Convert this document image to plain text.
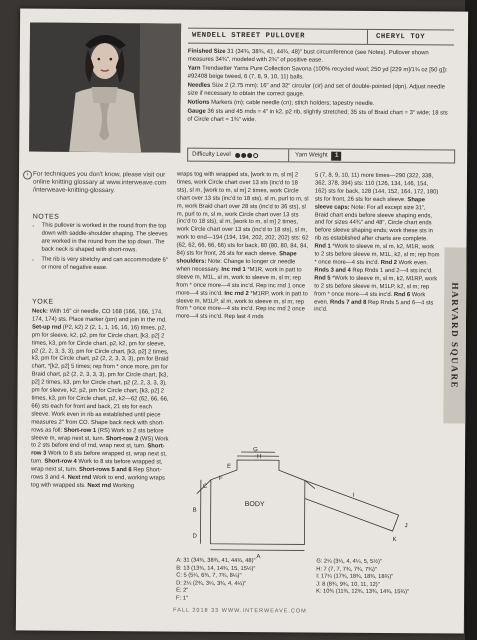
WENDELL STREET PULLOVER	CHERYL TOY

Finished Size 31 (34¾, 38¾, 41, 44¾, 48)" bust circumference (see Notes). Pullover shown measures 34¾", modeled with 2¾" of positive ease.

Yarn Trendsetter Yarns Pure Collection Savona (100% recycled wool; 250 yd [229 m]/1¾ oz [50 g]): #92408 beige tweed, 6 (7, 8, 9, 10, 11) balls.

Needles Size 2 (2.75 mm): 16" and 32" circular (cir) and set of double-pointed (dpn). Adjust needle size if necessary to obtain the correct gauge.

Notions Markers (m); cable needle (cn); stitch holders; tapestry needle.

Gauge 36 sts and 45 rnds = 4" in k2, p2 rib, slightly stretched; 35 sts of Braid chart = 3" wide; 18 sts of Circle chart = 1¾" wide.

Difficulty Level	Yarn Weight	1
i For techniques you don't know, please visit our online knitting glossary at www.interweave.com /interweave-knitting-glossary.
NOTES
• This pullover is worked in the round from the top down with saddle-shoulder shaping. The sleeves are worked in the round from the top down. The back neck is shaped with short-rows.
• The rib is very stretchy and can accommodate 6" or more of negative ease.
YOKE

Neck: With 16" cir needle, CO 168 (166, 166, 174, 174, 174) sts. Place marker (pm) and join in the rnd. Set-up rnd (P2, k2) 2 (2, 1, 1, 16, 16, 16) times, p2, pm for sleeve, k2, p2, pm for Circle chart, [k3, p2] 2 times, k3, pm for Circle chart, p2, k2, pm for sleeve, p2 (2, 2, 3, 3, 3), pm for Circle chart, [k3, p2] 2 times, k3, pm for Circle chart, p2 (2, 2, 3, 3, 3), pm for Braid chart, *[k2, p2] 5 times; rep from * once more, pm for Braid chart, p2 (2, 2, 3, 3, 3), pm for Circle chart, [k3, p2] 2 times, k3, pm for Circle chart, p2 (2, 2, 3, 3, 3), pm for sleeve, k2, p2, pm for Circle chart, [k3, p2] 2 times, k3, pm for Circle chart, p2, k2—62 (62, 66, 66, 66) sts each for front and back, 21 sts for each sleeve. Work even in rib as established until piece measures 2" from CO. Shape back neck with short-rows as foll: Short-row 1 (RS) Work to 2 sts before sleeve m, wrap next st, turn. Short-row 2 (WS) Work to 2 sts before end of rnd, wrap next st, turn. Short-row 3 Work to 8 sts before wrapped st, wrap next st, turn. Short-row 4 Work to 8 sts before wrapped st, wrap next st, turn. Short-rows 5 and 6 Rep Short-rows 3 and 4. Next rnd Work to end, working wraps tog with wrapped sts. Next rnd Working

wraps tog with wrapped sts, [work to m, sl m] 2 times, work Circle chart over 13 sts (inc'd to 18 sts), sl m, [work to m, sl m] 2 times, work Circle chart over 13 sts (inc'd to 18 sts), sl m, purl to m, sl m, work Braid chart over 28 sts (inc'd to 36 sts), sl m, purl to m, sl m, work Circle chart over 13 sts (inc'd to 18 sts), sl m, [work to m, sl m] 2 times, work Circle chart over 13 sts (inc'd to 18 sts), sl m, work to end—194 (194, 194, 202, 202, 202) sts: 62 (62, 62, 66, 66, 66) sts for back, 80 (80, 80, 84, 84, 84) sts for front, 26 sts for each sleeve. Shape shoulders: Note: Change to longer cir needle when necessary. Inc rnd 1 *M1R, work in patt to sleeve m, M1L, sl m, work to sleeve m, sl m; rep from * once more—4 sts inc'd. Rep inc rnd 1 once more—4 sts inc'd. Inc rnd 2 *M1RP, work in patt to sleeve m, M1LP, sl m, work to sleeve m, sl m; rep from * once more—4 sts inc'd. Rep inc rnd 2 once more—4 sts inc'd. Rep last 4 rnds

5 (7, 8, 9, 10, 11) more times—290 (322, 338, 362, 378, 394) sts: 110 (126, 134, 146, 154, 162) sts for back, 128 (144, 152, 164, 172, 180) sts for front, 26 sts for each sleeve. Shape sleeve caps: Note: For all except size 31", Braid chart ends before sleeve shaping ends, and for sizes 44¾" and 48", Circle chart ends before sleeve shaping ends; work these sts in rib as established after charts are complete. Rnd 1 *Work to sleeve m, sl m, k2, M1R, work to 2 sts before sleeve m, M1L, k2, sl m; rep from * once more—4 sts inc'd. Rnd 2 Work even. Rnds 3 and 4 Rep Rnds 1 and 2—4 sts inc'd. Rnd 5 *Work to sleeve m, sl m, k2, M1RP, work to 2 sts before sleeve m, M1LP, k2, sl m; rep from * once more—4 sts inc'd. Rnd 6 Work even. Rnds 7 and 8 Rep Rnds 5 and 6—4 sts inc'd.	HARVARD SQUARE
G
H
I
J
K
E
F
A
B
C
D
BODY
A: 31 (34¾, 38¾, 41, 44¾, 48)"
B: 13 (13¾, 14, 14¾, 15, 15½)"
C: 5 (5¼, 6¾, 7, 7¾, 8¼)"
D: 2¼ (2¾, 3¼, 3¾, 4, 4¼)"
E: 2"
F: 1"
G: 2¼ (3¼, 4, 4¼, 5, 5½)"
H: 7 (7, 7, 7¾, 7¾, 7¾)"
I: 17¼ (17¾, 18¾, 18¾, 18¾)"
J: 8 (8¾, 9¾, 10, 11, 12)"
K: 10¾ (11¾, 12¾, 13¾, 14¾, 15¾)"
FALL 2018 33 WWW.INTERWEAVE.COM
